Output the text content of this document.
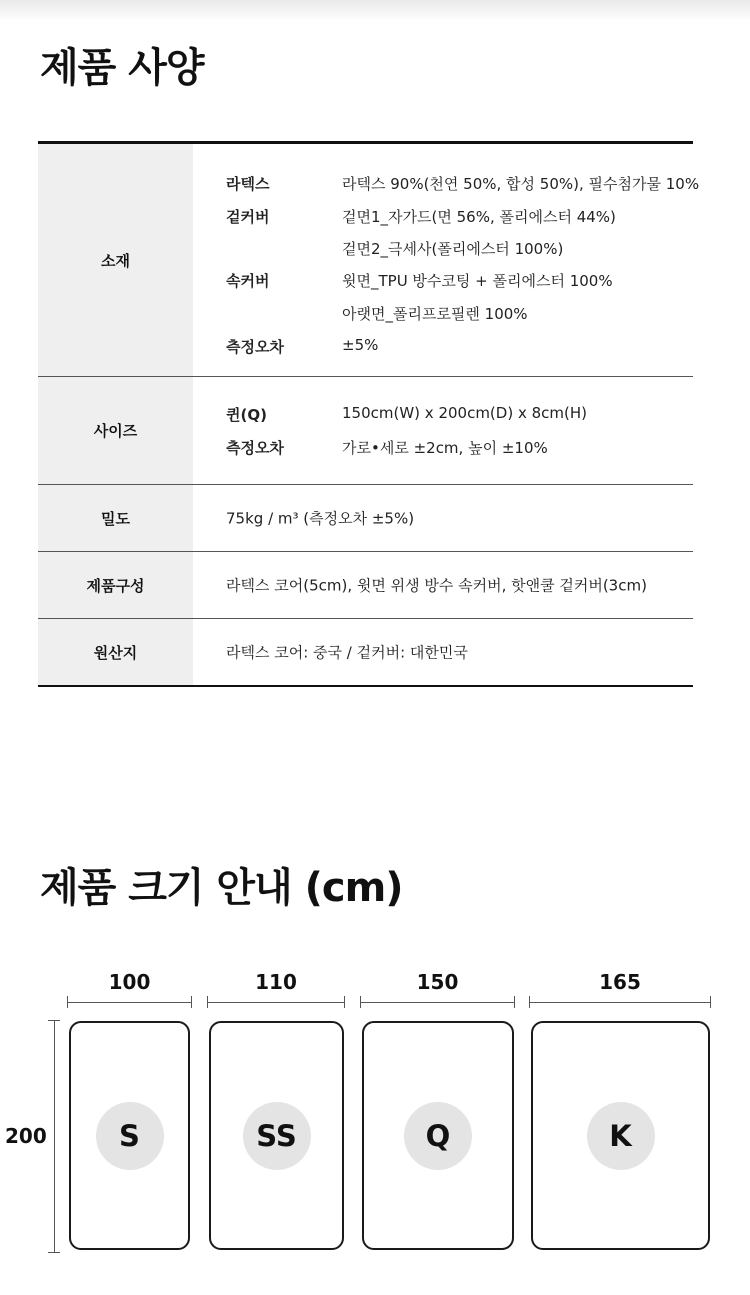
제품 사양
소재
라텍스	라텍스 90%(천연 50%, 합성 50%), 필수첨가물 10%
겉커버	겉면1_자가드(면 56%, 폴리에스터 44%)
겉면2_극세사(폴리에스터 100%)
속커버	윗면_TPU 방수코팅 + 폴리에스터 100%
아랫면_폴리프로필렌 100%
측정오차	±5%
사이즈
퀸(Q)	150cm(W) x 200cm(D) x 8cm(H)
측정오차	가로•세로 ±2cm, 높이 ±10%
밀도	75kg / m³ (측정오차 ±5%)
제품구성	라텍스 코어(5cm), 윗면 위생 방수 속커버, 핫앤쿨 겉커버(3cm)
원산지	라텍스 코어: 중국 / 겉커버: 대한민국
제품 크기 안내 (cm)
100	110	150	165
200	S	SS	Q	K
